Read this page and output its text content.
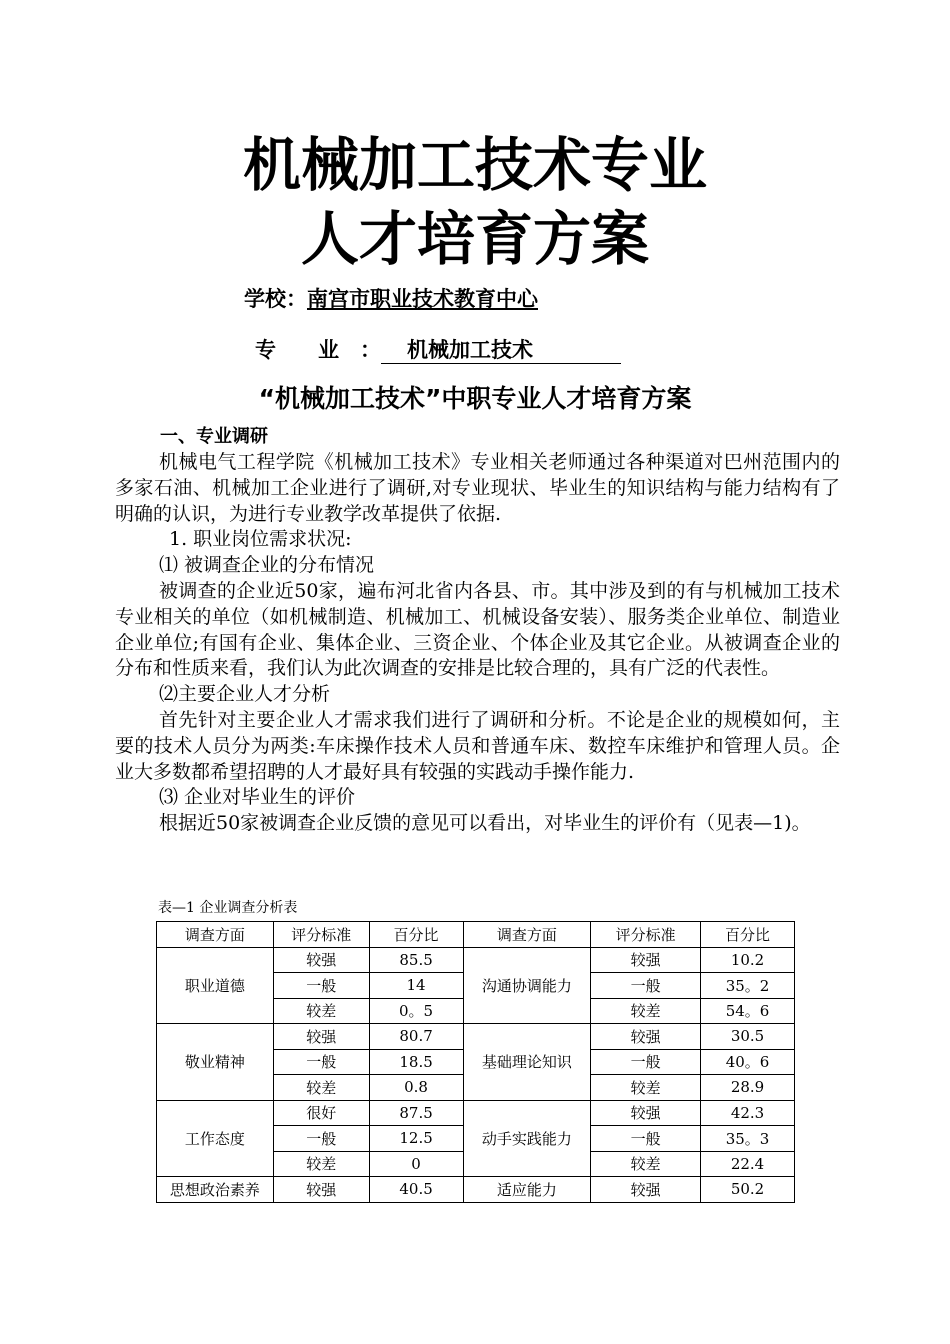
机械加工技术专业
人才培育方案
学校：南宫市职业技术教育中心
专　　业　： 机械加工技术
“机械加工技术”中职专业人才培育方案
一、专业调研

机械电气工程学院《机械加工技术》专业相关老师通过各种渠道对巴州范围内的多家石油、机械加工企业进行了调研,对专业现状、毕业生的知识结构与能力结构有了明确的认识，为进行专业教学改革提供了依据.

1. 职业岗位需求状况:

⑴ 被调查企业的分布情况

被调查的企业近50家，遍布河北省内各县、市。其中涉及到的有与机械加工技术专业相关的单位（如机械制造、机械加工、机械设备安装）、服务类企业单位、制造业企业单位;有国有企业、集体企业、三资企业、个体企业及其它企业。从被调查企业的分布和性质来看，我们认为此次调查的安排是比较合理的，具有广泛的代表性。

⑵主要企业人才分析

首先针对主要企业人才需求我们进行了调研和分析。不论是企业的规模如何，主要的技术人员分为两类:车床操作技术人员和普通车床、数控车床维护和管理人员。企业大多数都希望招聘的人才最好具有较强的实践动手操作能力.

⑶ 企业对毕业生的评价

根据近50家被调查企业反馈的意见可以看出，对毕业生的评价有（见表—1)。

表—1 企业调查分析表
调查方面	评分标准	百分比	调查方面	评分标准	百分比
职业道德	较强	85.5	沟通协调能力	较强	10.2
	一般	14		一般	35。2
	较差	0。5		较差	54。6
敬业精神	较强	80.7	基础理论知识	较强	30.5
	一般	18.5		一般	40。6
	较差	0.8		较差	28.9
工作态度	很好	87.5	动手实践能力	较强	42.3
	一般	12.5		一般	35。3
	较差	0		较差	22.4
思想政治素养	较强	40.5	适应能力	较强	50.2
